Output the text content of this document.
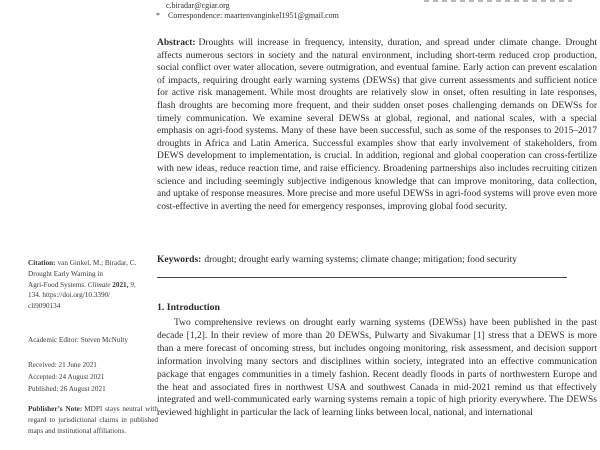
c.biradar@cgiar.org
*	Correspondence: maartenvanginkel1951@gmail.com

Abstract: Droughts will increase in frequency, intensity, duration, and spread under climate change. Drought affects numerous sectors in society and the natural environment, including short-term reduced crop production, social conflict over water allocation, severe outmigration, and eventual famine. Early action can prevent escalation of impacts, requiring drought early warning systems (DEWSs) that give current assessments and sufficient notice for active risk management. While most droughts are relatively slow in onset, often resulting in late responses, flash droughts are becoming more frequent, and their sudden onset poses challenging demands on DEWSs for timely communication. We examine several DEWSs at global, regional, and national scales, with a special emphasis on agri-food systems. Many of these have been successful, such as some of the responses to 2015–2017 droughts in Africa and Latin America. Successful examples show that early involvement of stakeholders, from DEWS development to implementation, is crucial. In addition, regional and global cooperation can cross-fertilize with new ideas, reduce reaction time, and raise efficiency. Broadening partnerships also includes recruiting citizen science and including seemingly subjective indigenous knowledge that can improve monitoring, data collection, and uptake of response measures. More precise and more useful DEWSs in agri-food systems will prove even more cost-effective in averting the need for emergency responses, improving global food security.

Keywords: drought; drought early warning systems; climate change; mitigation; food security

1. Introduction

Two comprehensive reviews on drought early warning systems (DEWSs) have been published in the past decade [1,2]. In their review of more than 20 DEWSs, Pulwarty and Sivakumar [1] stress that a DEWS is more than a mere forecast of oncoming stress, but includes ongoing monitoring, risk assessment, and decision support information involving many sectors and disciplines within society, integrated into an effective communication package that engages communities in a timely fashion. Recent deadly floods in parts of northwestern Europe and the heat and associated fires in northwest USA and southwest Canada in mid-2021 remind us that effectively integrated and well-communicated early warning systems remain a topic of high priority everywhere. The DEWSs reviewed highlight in particular the lack of learning links between local, national, and international

Citation: van Ginkel, M.; Biradar, C.
Drought Early Warning in
Agri-Food Systems. Climate 2021, 9,
134. https://doi.org/10.3390/
cli9090134
Academic Editor: Steven McNulty
Received: 21 June 2021
Accepted: 24 August 2021
Published: 26 August 2021

Publisher’s Note: MDPI stays neutral with regard to jurisdictional claims in published maps and institutional affiliations.
